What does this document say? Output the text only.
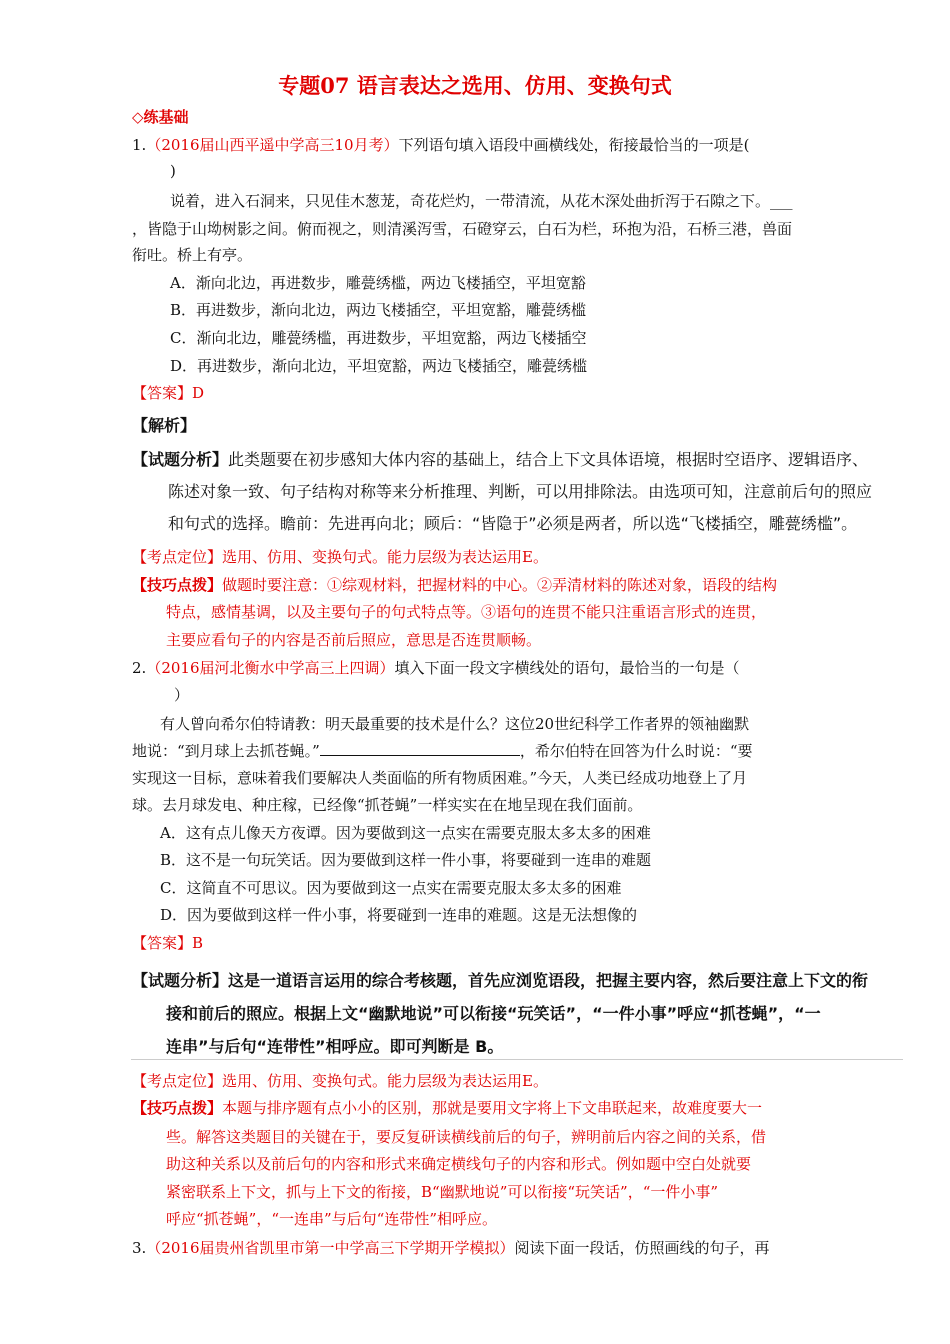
专题07 语言表达之选用、仿用、变换句式
◇练基础
1.（2016届山西平遥中学高三10月考）下列语句填入语段中画横线处，衔接最恰当的一项是(
)
说着，进入石洞来，只见佳木葱茏，奇花烂灼，一带清流，从花木深处曲折泻于石隙之下。___
，皆隐于山坳树影之间。俯而视之，则清溪泻雪，石磴穿云，白石为栏，环抱为沿，石桥三港，兽面
衔吐。桥上有亭。
A．渐向北边，再进数步，雕甍绣槛，两边飞楼插空，平坦宽豁
B．再进数步，渐向北边，两边飞楼插空，平坦宽豁，雕甍绣槛
C．渐向北边，雕甍绣槛，再进数步，平坦宽豁，两边飞楼插空
D．再进数步，渐向北边，平坦宽豁，两边飞楼插空，雕甍绣槛
【答案】D
【解析】
【试题分析】此类题要在初步感知大体内容的基础上，结合上下文具体语境，根据时空语序、逻辑语序、
陈述对象一致、句子结构对称等来分析推理、判断，可以用排除法。由选项可知，注意前后句的照应
和句式的选择。瞻前：先进再向北；顾后：“皆隐于”必须是两者，所以选“飞楼插空，雕甍绣槛”。
【考点定位】选用、仿用、变换句式。能力层级为表达运用E。
【技巧点拨】做题时要注意：①综观材料，把握材料的中心。②弄清材料的陈述对象，语段的结构
特点，感情基调，以及主要句子的句式特点等。③语句的连贯不能只注重语言形式的连贯，
主要应看句子的内容是否前后照应，意思是否连贯顺畅。
2.（2016届河北衡水中学高三上四调）填入下面一段文字横线处的语句，最恰当的一句是（
）
有人曾向希尔伯特请教：明天最重要的技术是什么？这位20世纪科学工作者界的领袖幽默
地说：“到月球上去抓苍蝇。”	，希尔伯特在回答为什么时说：“要
实现这一目标，意味着我们要解决人类面临的所有物质困难。”今天，人类已经成功地登上了月
球。去月球发电、种庄稼，已经像“抓苍蝇”一样实实在在地呈现在我们面前。
A．这有点儿像天方夜谭。因为要做到这一点实在需要克服太多太多的困难
B．这不是一句玩笑话。因为要做到这样一件小事，将要碰到一连串的难题
C．这简直不可思议。因为要做到这一点实在需要克服太多太多的困难
D．因为要做到这样一件小事，将要碰到一连串的难题。这是无法想像的
【答案】B
【试题分析】这是一道语言运用的综合考核题，首先应浏览语段，把握主要内容，然后要注意上下文的衔
接和前后的照应。根据上文“幽默地说”可以衔接“玩笑话”，“一件小事”呼应“抓苍蝇”，“一
连串”与后句“连带性”相呼应。即可判断是 B。
【考点定位】选用、仿用、变换句式。能力层级为表达运用E。
【技巧点拨】本题与排序题有点小小的区别，那就是要用文字将上下文串联起来，故难度要大一
些。解答这类题目的关键在于，要反复研读横线前后的句子，辨明前后内容之间的关系，借
助这种关系以及前后句的内容和形式来确定横线句子的内容和形式。例如题中空白处就要
紧密联系上下文，抓与上下文的衔接，B“幽默地说”可以衔接“玩笑话”，“一件小事”
呼应“抓苍蝇”，“一连串”与后句“连带性”相呼应。
3.（2016届贵州省凯里市第一中学高三下学期开学模拟）阅读下面一段话，仿照画线的句子，再
